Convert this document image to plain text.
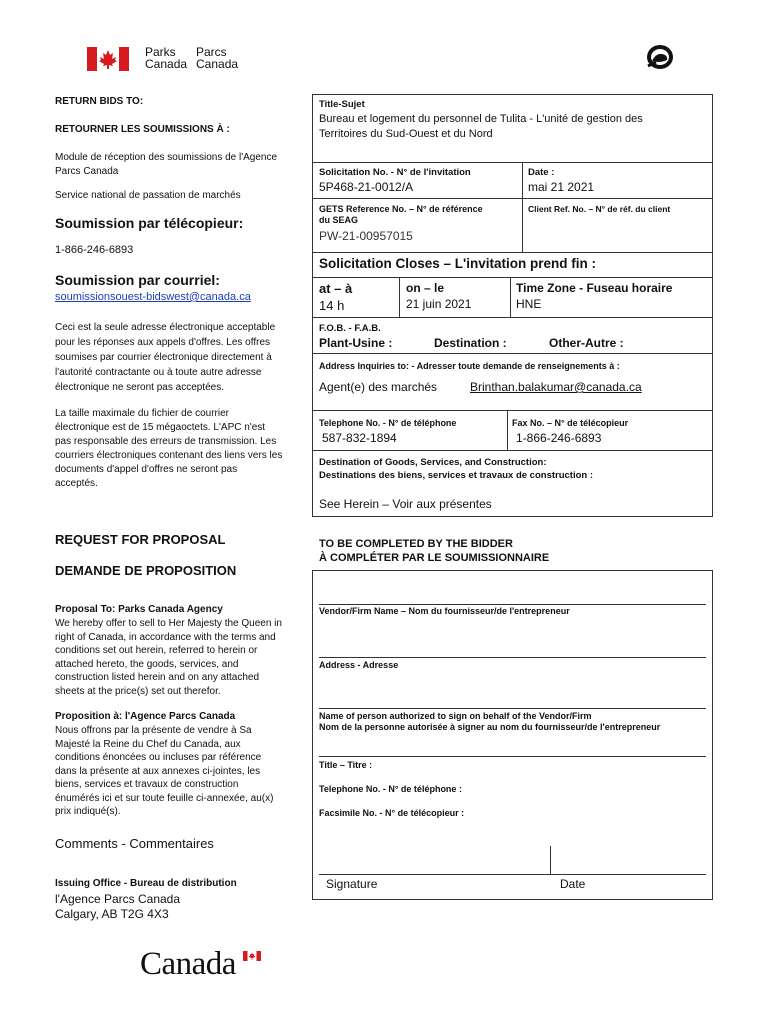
Parks
Canada
Parcs
Canada
RETURN BIDS TO:
RETOURNER LES SOUMISSIONS À :
Module de réception des soumissions de l'Agence
Parcs Canada
Service national de passation de marchés
Soumission par télécopieur:
1-866-246-6893
Soumission par courriel:
soumissionsouest-bidswest@canada.ca
Ceci est la seule adresse électronique acceptable
pour les réponses aux appels d'offres. Les offres
soumises par courrier électronique directement à
l'autorité contractante ou à toute autre adresse
électronique ne seront pas acceptées.
La taille maximale du fichier de courrier
électronique est de 15 mégaoctets. L'APC n'est
pas responsable des erreurs de transmission. Les
courriers électroniques contenant des liens vers les
documents d'appel d'offres ne seront pas
acceptés.
REQUEST FOR PROPOSAL
DEMANDE DE PROPOSITION
Proposal To: Parks Canada Agency
We hereby offer to sell to Her Majesty the Queen in
right of Canada, in accordance with the terms and
conditions set out herein, referred to herein or
attached hereto, the goods, services, and
construction listed herein and on any attached
sheets at the price(s) set out therefor.
Proposition à: l'Agence Parcs Canada
Nous offrons par la présente de vendre à Sa
Majesté la Reine du Chef du Canada, aux
conditions énoncées ou incluses par référence
dans la présente at aux annexes ci-jointes, les
biens, services et travaux de construction
énumérés ici et sur toute feuille ci-annexée, au(x)
prix indiqué(s).
Comments - Commentaires
Issuing Office - Bureau de distribution
l'Agence Parcs Canada
Calgary, AB T2G 4X3
Title-Sujet
Bureau et logement du personnel de Tulita - L'unité de gestion des
Territoires du Sud-Ouest et du Nord
Solicitation No. - N° de l'invitation
5P468-21-0012/A
Date :
mai 21 2021
GETS Reference No. – N° de référence
du SEAG
PW-21-00957015
Client Ref. No. – N° de réf. du client
Solicitation Closes – L'invitation prend fin :
at – à
14 h
on – le
21 juin 2021
Time Zone - Fuseau horaire
HNE
F.O.B. - F.A.B.
Plant-Usine :	Destination :	Other-Autre :
Address Inquiries to: - Adresser toute demande de renseignements à :
Agent(e) des marchés	Brinthan.balakumar@canada.ca
Telephone No. - N° de téléphone
587-832-1894
Fax No. – N° de télécopieur
1-866-246-6893
Destination of Goods, Services, and Construction:
Destinations des biens, services et travaux de construction :
See Herein – Voir aux présentes
TO BE COMPLETED BY THE BIDDER
À COMPLÉTER PAR LE SOUMISSIONNAIRE
Vendor/Firm Name – Nom du fournisseur/de l'entrepreneur
Address - Adresse
Name of person authorized to sign on behalf of the Vendor/Firm
Nom de la personne autorisée à signer au nom du fournisseur/de l'entrepreneur
Title – Titre :
Telephone No. - N° de téléphone :
Facsimile No. - N° de télécopieur :
Signature	Date
Canada
